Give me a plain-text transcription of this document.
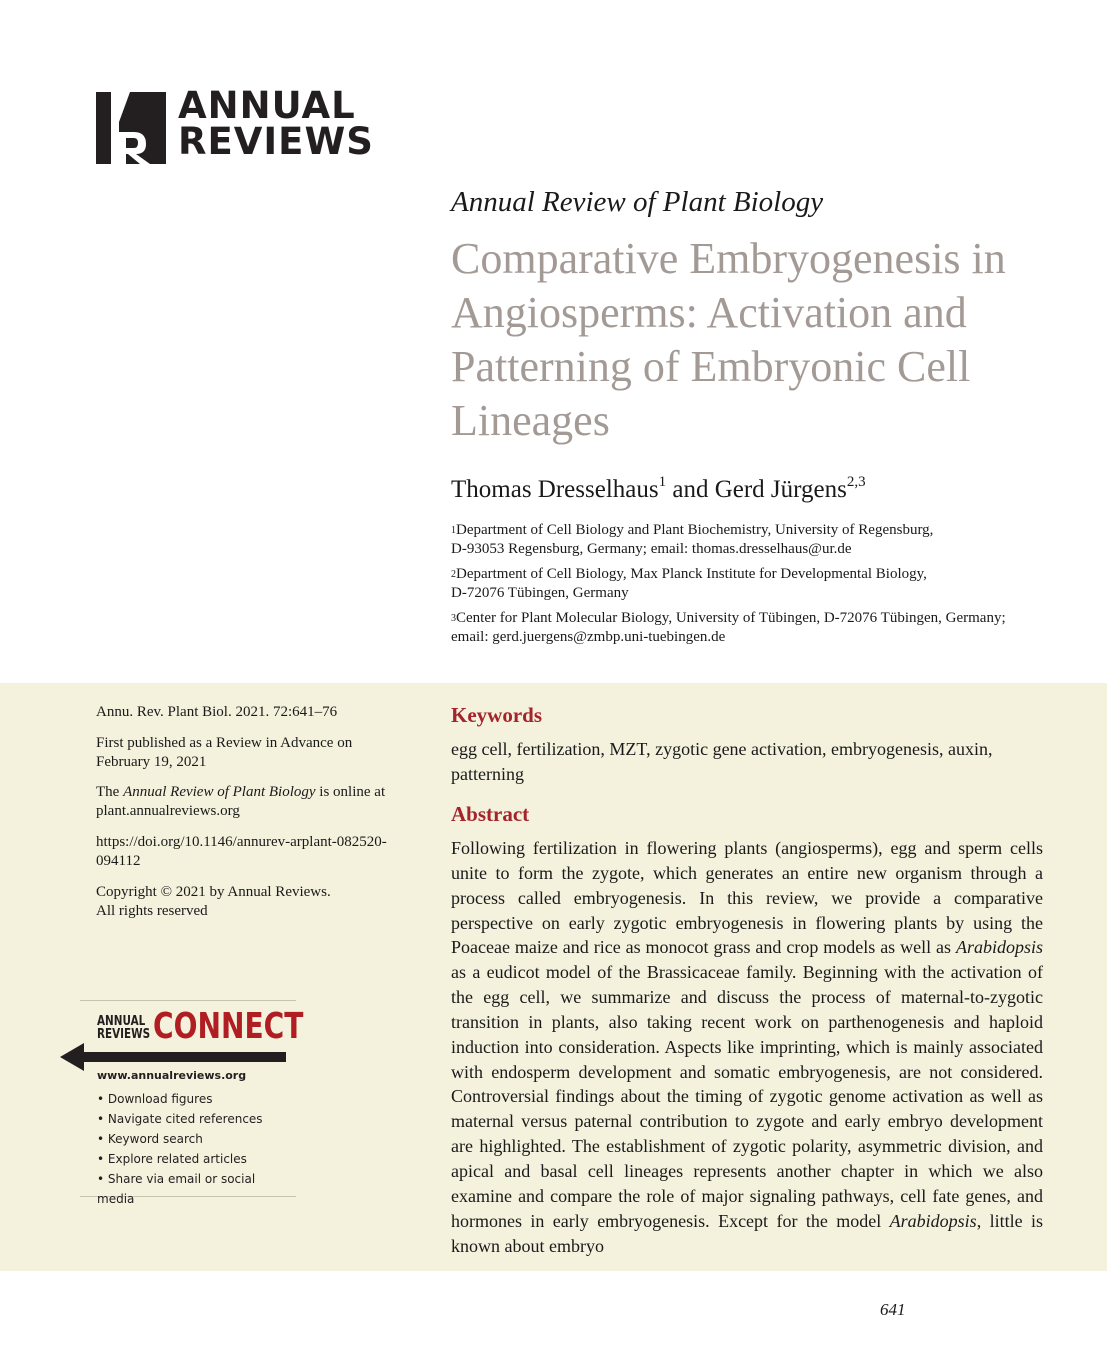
ANNUAL
REVIEWS
Annual Review of Plant Biology
Comparative Embryogenesis in Angiosperms: Activation and Patterning of Embryonic Cell Lineages
Thomas Dresselhaus$^1$ and Gerd Jürgens$^{2,3}$
$^1$Department of Cell Biology and Plant Biochemistry, University of Regensburg,
D-93053 Regensburg, Germany; email: thomas.dresselhaus@ur.de
$^2$Department of Cell Biology, Max Planck Institute for Developmental Biology,
D-72076 Tübingen, Germany
$^3$Center for Plant Molecular Biology, University of Tübingen, D-72076 Tübingen, Germany;
email: gerd.juergens@zmbp.uni-tuebingen.de
Annu. Rev. Plant Biol. 2021. 72:641–76
First published as a Review in Advance on
February 19, 2021
The Annual Review of Plant Biology is online at
plant.annualreviews.org
https://doi.org/10.1146/annurev-arplant-082520-
094112
Copyright © 2021 by Annual Reviews.
All rights reserved
ANNUAL
REVIEWS CONNECT
www.annualreviews.org
• Download figures
• Navigate cited references
• Keyword search
• Explore related articles
• Share via email or social media
Keywords
egg cell, fertilization, MZT, zygotic gene activation, embryogenesis, auxin, patterning
Abstract
Following fertilization in flowering plants (angiosperms), egg and sperm cells unite to form the zygote, which generates an entire new organism through a process called embryogenesis. In this review, we provide a comparative perspective on early zygotic embryogenesis in flowering plants by using the Poaceae maize and rice as monocot grass and crop models as well as Arabidopsis as a eudicot model of the Brassicaceae family. Beginning with the activation of the egg cell, we summarize and discuss the process of maternal-to-zygotic transition in plants, also taking recent work on parthenogenesis and haploid induction into consideration. Aspects like imprinting, which is mainly associated with endosperm development and somatic embryogenesis, are not considered. Controversial findings about the timing of zygotic genome activation as well as maternal versus paternal contribution to zygote and early embryo development are highlighted. The establishment of zygotic polarity, asymmetric division, and apical and basal cell lineages represents another chapter in which we also examine and compare the role of major signaling pathways, cell fate genes, and hormones in early embryogenesis. Except for the model Arabidopsis, little is known about embryo
641
